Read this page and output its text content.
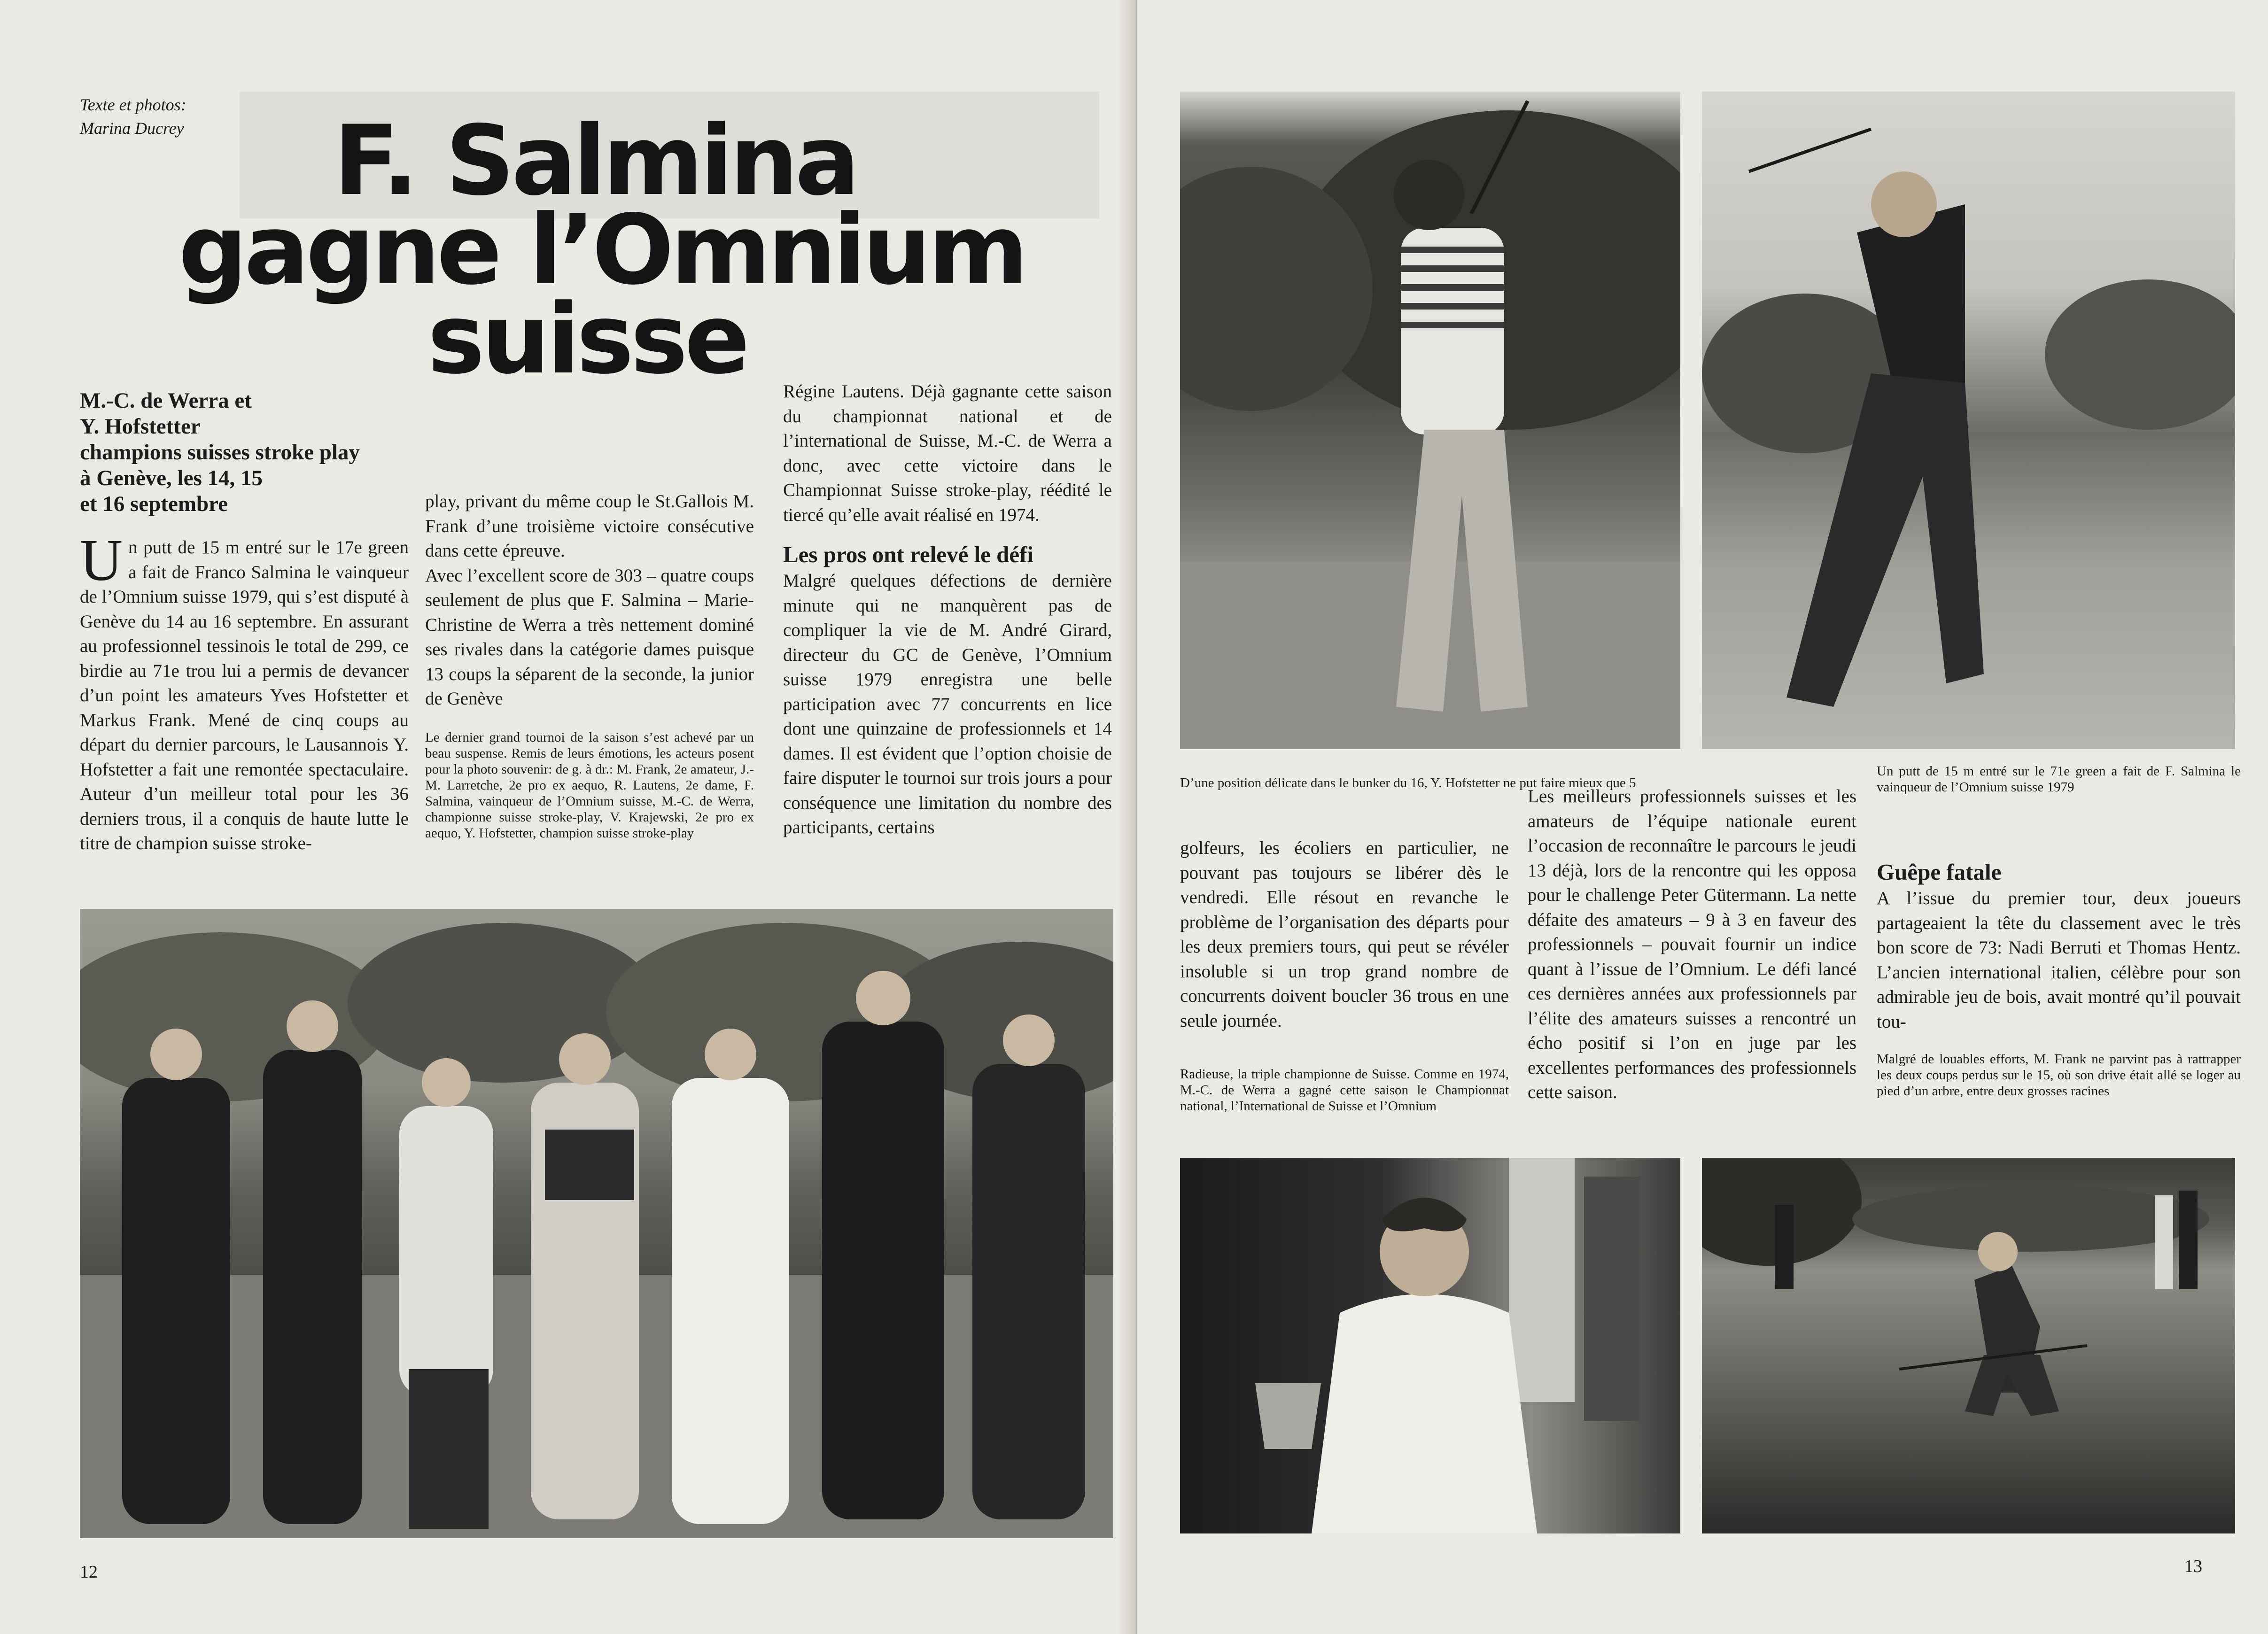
Texte et photos:
Marina Ducrey	F. Salmina
gagne l’Omnium
suisse

M.-C. de Werra et

Y. Hofstetter

champions suisses stroke play

à Genève, les 14, 15

et 16 septembre

Un putt de 15 m entré sur le 17e green a fait de Franco Salmina le vainqueur de l’Omnium suisse 1979, qui s’est disputé à Genève du 14 au 16 septembre. En assurant au professionnel tessinois le total de 299, ce birdie au 71e trou lui a permis de devancer d’un point les amateurs Yves Hofstetter et Markus Frank. Mené de cinq coups au départ du dernier parcours, le Lausannois Y. Hofstetter a fait une remontée spectaculaire. Auteur d’un meilleur total pour les 36 derniers trous, il a conquis de haute lutte le titre de champion suisse stroke-

play, privant du même coup le St.Gallois M. Frank d’une troisième victoire consécutive dans cette épreuve.

Avec l’excellent score de 303 – quatre coups seulement de plus que F. Salmina – Marie-Christine de Werra a très nettement dominé ses rivales dans la catégorie dames puisque 13 coups la séparent de la seconde, la junior de Genève

Le dernier grand tournoi de la saison s’est achevé par un beau suspense. Remis de leurs émotions, les acteurs posent pour la photo souvenir: de g. à dr.: M. Frank, 2e amateur, J.-M. Larretche, 2e pro ex aequo, R. Lautens, 2e dame, F. Salmina, vainqueur de l’Omnium suisse, M.-C. de Werra, championne suisse stroke-play, V. Krajewski, 2e pro ex aequo, Y. Hofstetter, champion suisse stroke-play

Régine Lautens. Déjà gagnante cette saison du championnat national et de l’international de Suisse, M.-C. de Werra a donc, avec cette victoire dans le Championnat Suisse stroke-play, réédité le tiercé qu’elle avait réalisé en 1974.

Les pros ont relevé le défi

Malgré quelques défections de dernière minute qui ne manquèrent pas de compliquer la vie de M. André Girard, directeur du GC de Genève, l’Omnium suisse 1979 enregistra une belle participation avec 77 concurrents en lice dont une quinzaine de professionnels et 14 dames. Il est évident que l’option choisie de faire disputer le tournoi sur trois jours a pour conséquence une limitation du nombre des participants, certains

12

D’une position délicate dans le bunker du 16, Y. Hofstetter ne put faire mieux que 5

Un putt de 15 m entré sur le 71e green a fait de F. Salmina le vainqueur de l’Omnium suisse 1979

golfeurs, les écoliers en particulier, ne pouvant pas toujours se libérer dès le vendredi. Elle résout en revanche le problème de l’organisation des départs pour les deux premiers tours, qui peut se révéler insoluble si un trop grand nombre de concurrents doivent boucler 36 trous en une seule journée.

Radieuse, la triple championne de Suisse. Comme en 1974, M.-C. de Werra a gagné cette saison le Championnat national, l’International de Suisse et l’Omnium

Les meilleurs professionnels suisses et les amateurs de l’équipe nationale eurent l’occasion de reconnaître le parcours le jeudi 13 déjà, lors de la rencontre qui les opposa pour le challenge Peter Gütermann. La nette défaite des amateurs – 9 à 3 en faveur des professionnels – pouvait fournir un indice quant à l’issue de l’Omnium. Le défi lancé ces dernières années aux professionnels par l’élite des amateurs suisses a rencontré un écho positif si l’on en juge par les excellentes performances des professionnels cette saison.

Guêpe fatale

A l’issue du premier tour, deux joueurs partageaient la tête du classement avec le très bon score de 73: Nadi Berruti et Thomas Hentz. L’ancien international italien, célèbre pour son admirable jeu de bois, avait montré qu’il pouvait tou-

Malgré de louables efforts, M. Frank ne parvint pas à rattrapper les deux coups perdus sur le 15, où son drive était allé se loger au pied d’un arbre, entre deux grosses racines

13
